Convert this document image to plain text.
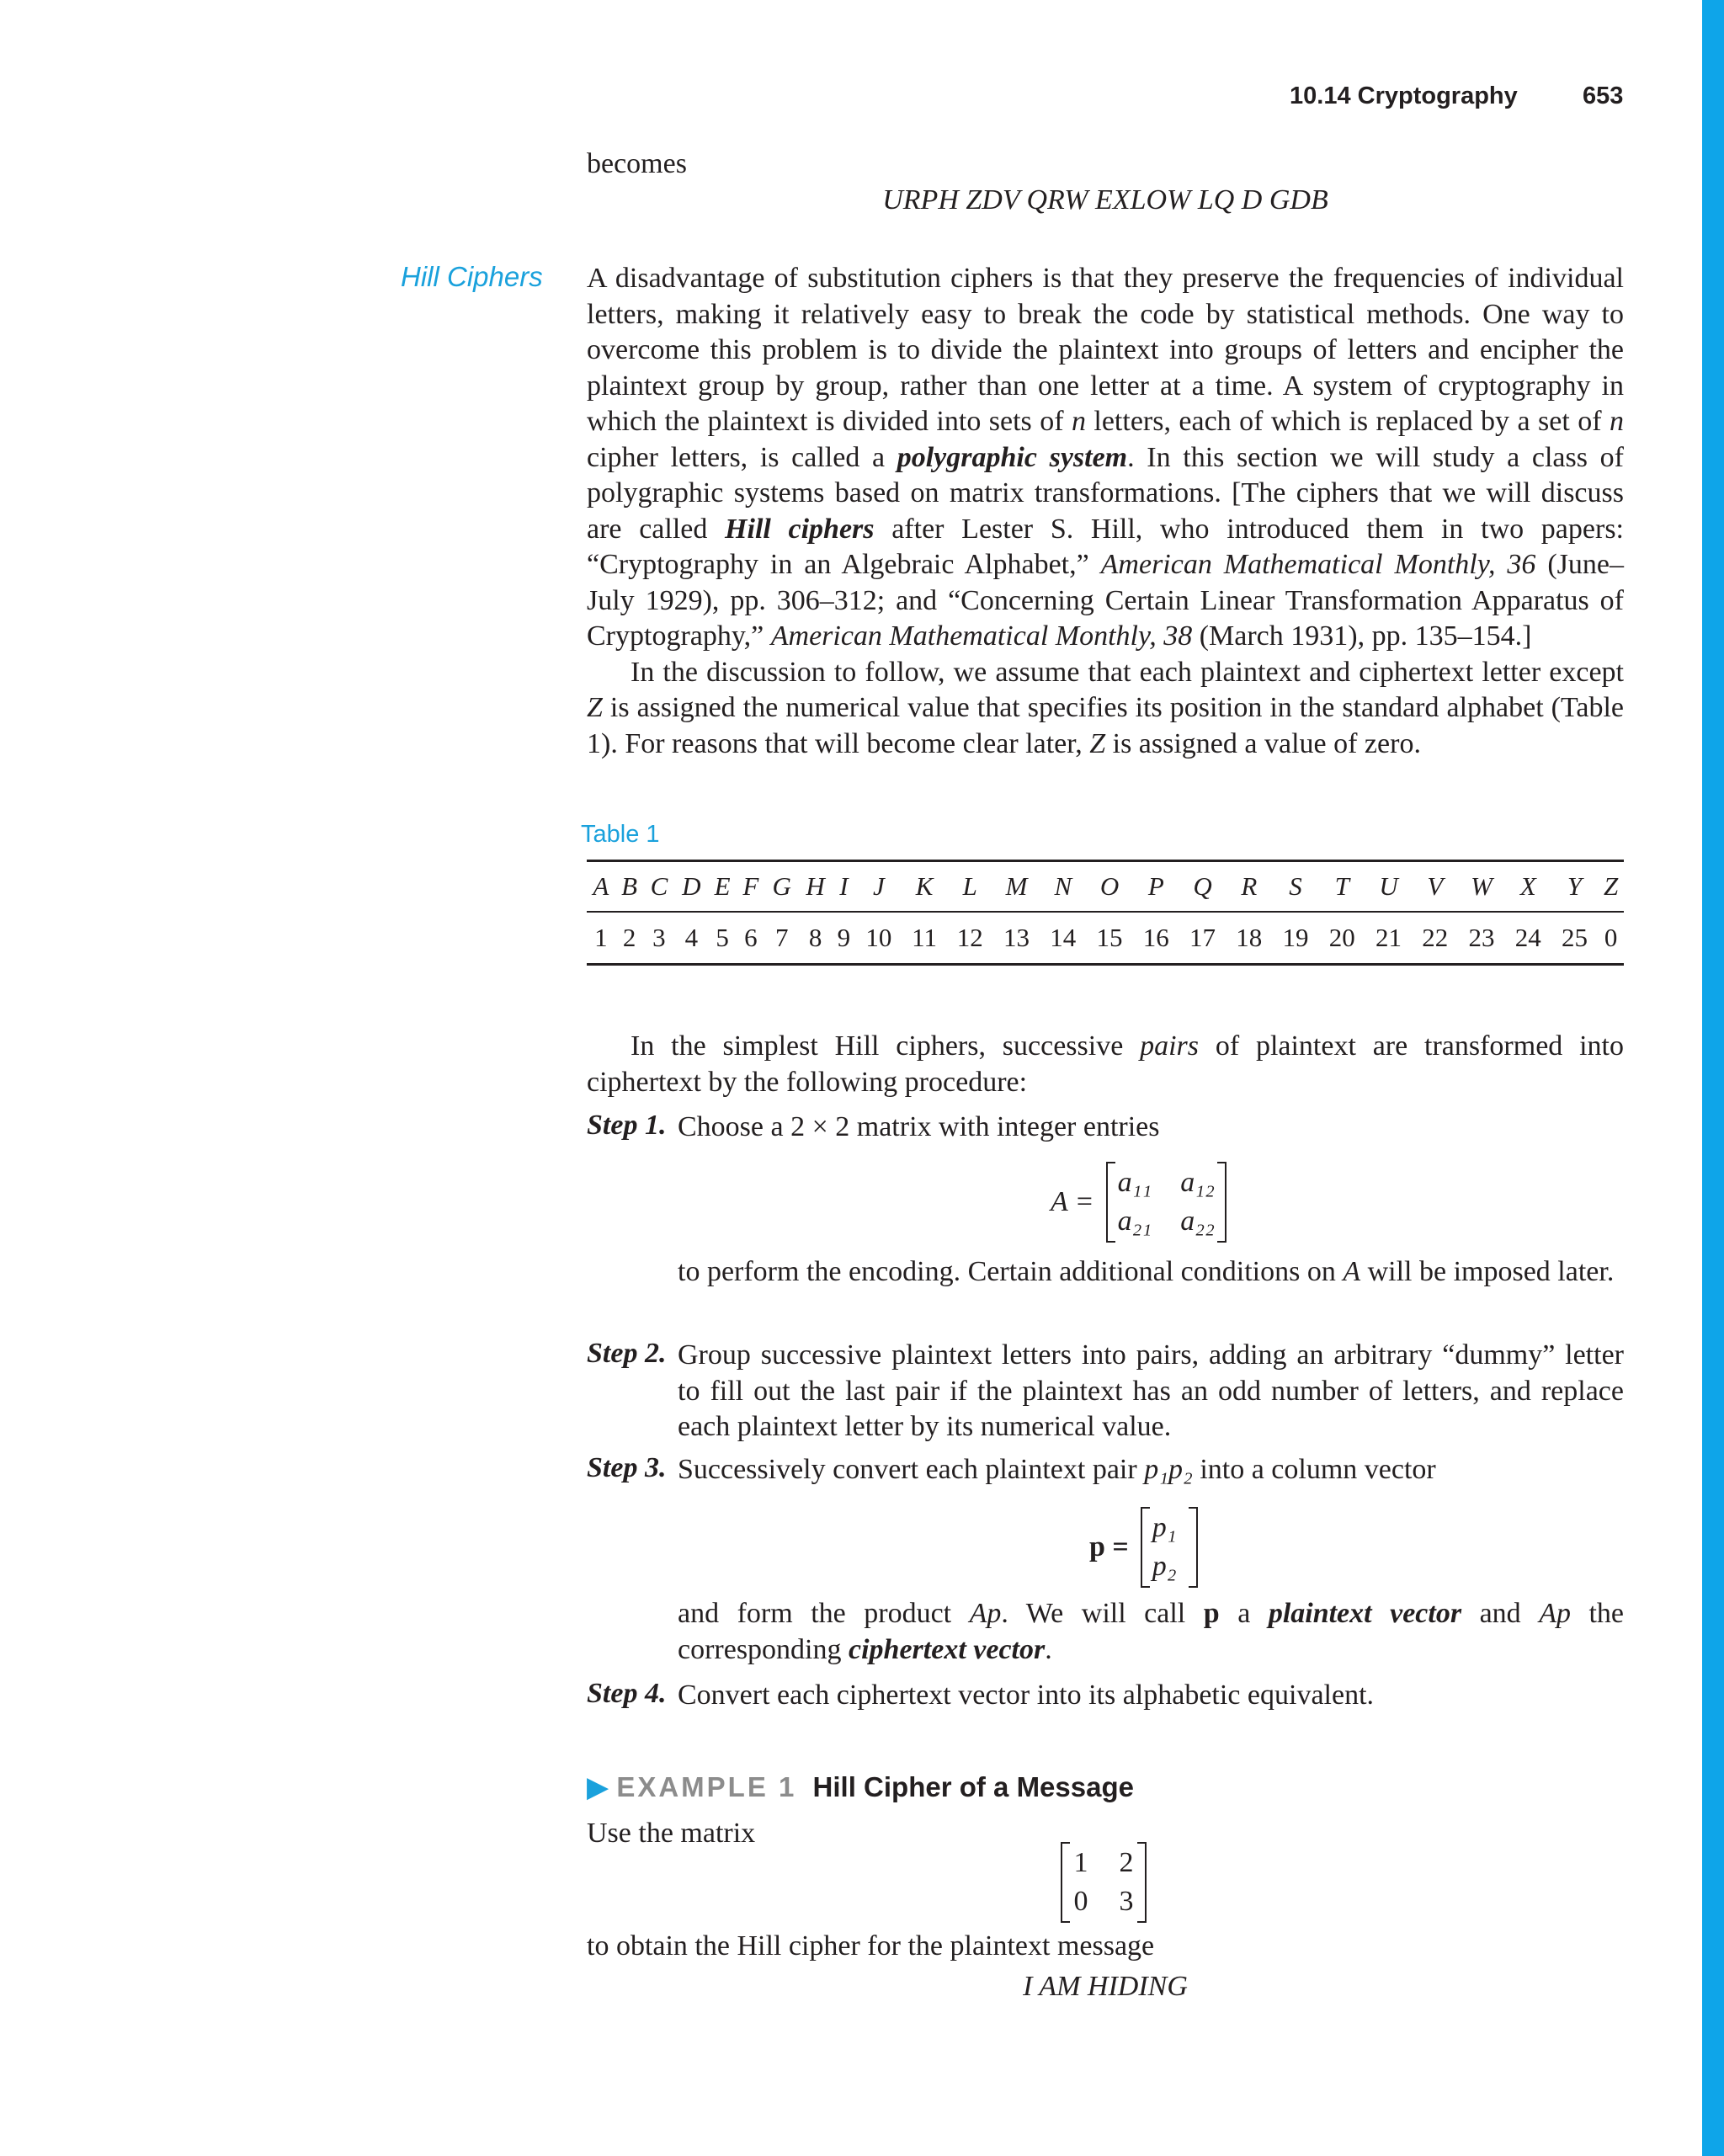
10.14 Cryptography	653

becomes

URPH ZDV QRW EXLOW LQ D GDB

Hill Ciphers A disadvantage of substitution ciphers is that they preserve the frequencies of individual letters, making it relatively easy to break the code by statistical methods. One way to overcome this problem is to divide the plaintext into groups of letters and encipher the plaintext group by group, rather than one letter at a time. A system of cryptography in which the plaintext is divided into sets of n letters, each of which is replaced by a set of n cipher letters, is called a polygraphic system. In this section we will study a class of polygraphic systems based on matrix transformations. [The ciphers that we will discuss are called Hill ciphers after Lester S. Hill, who introduced them in two papers: “Cryptography in an Algebraic Alphabet,” American Mathematical Monthly, 36 (June–July 1929), pp. 306–312; and “Concerning Certain Linear Transformation Apparatus of Cryptography,” American Mathematical Monthly, 38 (March 1931), pp. 135–154.]

In the discussion to follow, we assume that each plaintext and ciphertext letter except Z is assigned the numerical value that specifies its position in the standard alphabet (Table 1). For reasons that will become clear later, Z is assigned a value of zero.

Table 1
A	B	C	D	E	F	G	H	I	J	K	L	M	N	O	P	Q	R	S	T	U	V	W	X	Y	Z
1	2	3	4	5	6	7	8	9	10	11	12	13	14	15	16	17	18	19	20	21	22	23	24	25	0

In the simplest Hill ciphers, successive pairs of plaintext are transformed into ciphertext by the following procedure:

Step 1. Choose a 2 × 2 matrix with integer entries

A =
a₁₁ a₁₂
a₂₁ a₂₂

to perform the encoding. Certain additional conditions on A will be imposed later.

Step 2. Group successive plaintext letters into pairs, adding an arbitrary “dummy” letter to fill out the last pair if the plaintext has an odd number of letters, and replace each plaintext letter by its numerical value.

Step 3. Successively convert each plaintext pair p₁p₂ into a column vector

p =
p₁
p₂

and form the product Ap. We will call p a plaintext vector and Ap the corresponding ciphertext vector.

Step 4. Convert each ciphertext vector into its alphabetic equivalent.

▶ EXAMPLE 1 Hill Cipher of a Message

Use the matrix

1 2
0 3

to obtain the Hill cipher for the plaintext message

I AM HIDING
